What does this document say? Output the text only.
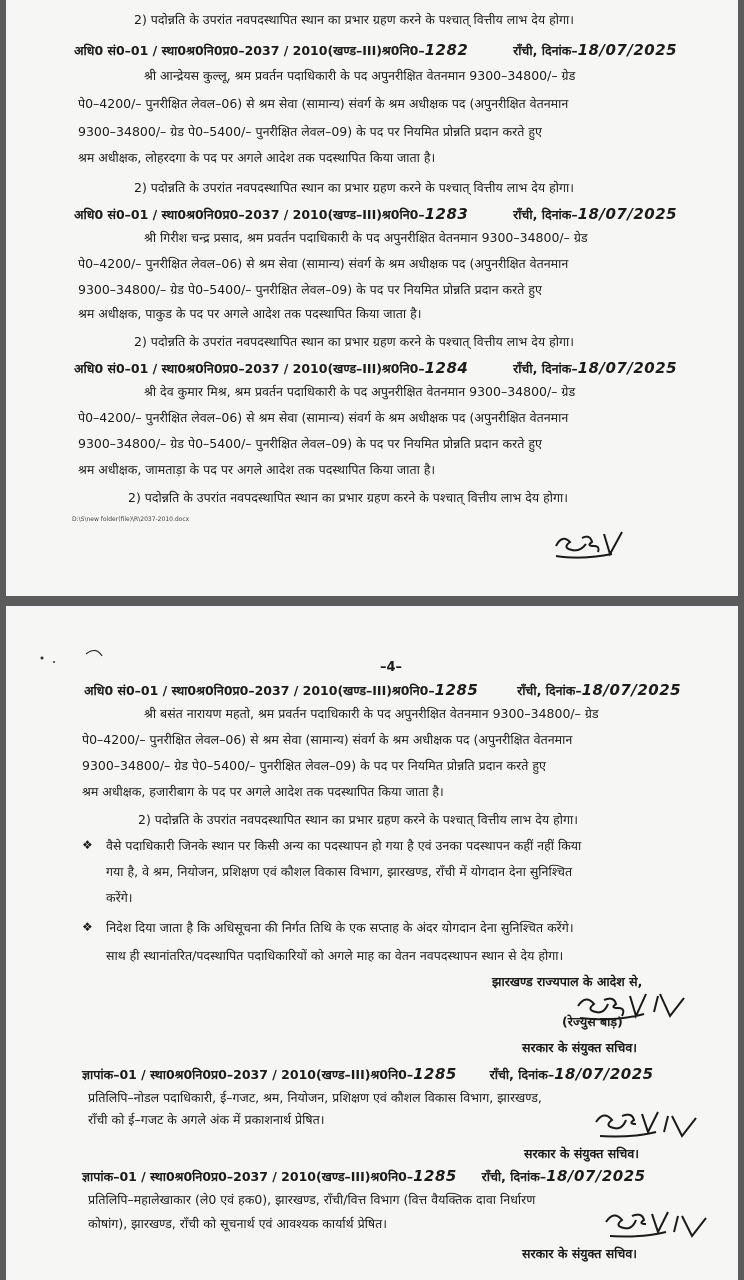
2) पदोन्नति के उपरांत नवपदस्थापित स्थान का प्रभार ग्रहण करने के पश्चात् वित्तीय लाभ देय होगा।
अधि0 सं0–01 / स्था0श्र0नि0प्र0–2037 / 2010(खण्ड–III)श्र0नि0–1282	राँची, दिनांक–18/07/2025
श्री आन्द्रेयस कुल्लू, श्रम प्रवर्तन पदाधिकारी के पद अपुनरीक्षित वेतनमान 9300–34800/– ग्रेड
पे0–4200/– पुनरीक्षित लेवल–06) से श्रम सेवा (सामान्य) संवर्ग के श्रम अधीक्षक पद (अपुनरीक्षित वेतनमान
9300–34800/– ग्रेड पे0–5400/– पुनरीक्षित लेवल–09) के पद पर नियमित प्रोन्नति प्रदान करते हुए
श्रम अधीक्षक, लोहरदगा के पद पर अगले आदेश तक पदस्थापित किया जाता है।
2) पदोन्नति के उपरांत नवपदस्थापित स्थान का प्रभार ग्रहण करने के पश्चात् वित्तीय लाभ देय होगा।
अधि0 सं0–01 / स्था0श्र0नि0प्र0–2037 / 2010(खण्ड–III)श्र0नि0–1283	राँची, दिनांक–18/07/2025
श्री गिरीश चन्द्र प्रसाद, श्रम प्रवर्तन पदाधिकारी के पद अपुनरीक्षित वेतनमान 9300–34800/– ग्रेड
पे0–4200/– पुनरीक्षित लेवल–06) से श्रम सेवा (सामान्य) संवर्ग के श्रम अधीक्षक पद (अपुनरीक्षित वेतनमान
9300–34800/– ग्रेड पे0–5400/– पुनरीक्षित लेवल–09) के पद पर नियमित प्रोन्नति प्रदान करते हुए
श्रम अधीक्षक, पाकुड के पद पर अगले आदेश तक पदस्थापित किया जाता है।
2) पदोन्नति के उपरांत नवपदस्थापित स्थान का प्रभार ग्रहण करने के पश्चात् वित्तीय लाभ देय होगा।
अधि0 सं0–01 / स्था0श्र0नि0प्र0–2037 / 2010(खण्ड–III)श्र0नि0–1284	राँची, दिनांक–18/07/2025
श्री देव कुमार मिश्र, श्रम प्रवर्तन पदाधिकारी के पद अपुनरीक्षित वेतनमान 9300–34800/– ग्रेड
पे0–4200/– पुनरीक्षित लेवल–06) से श्रम सेवा (सामान्य) संवर्ग के श्रम अधीक्षक पद (अपुनरीक्षित वेतनमान
9300–34800/– ग्रेड पे0–5400/– पुनरीक्षित लेवल–09) के पद पर नियमित प्रोन्नति प्रदान करते हुए
श्रम अधीक्षक, जामताड़ा के पद पर अगले आदेश तक पदस्थापित किया जाता है।
2) पदोन्नति के उपरांत नवपदस्थापित स्थान का प्रभार ग्रहण करने के पश्चात् वित्तीय लाभ देय होगा।
D:\S\new folder(file)\R\2037-2010.docx
–4–
अधि0 सं0–01 / स्था0श्र0नि0प्र0–2037 / 2010(खण्ड–III)श्र0नि0–1285	राँची, दिनांक–18/07/2025
श्री बसंत नारायण महतो, श्रम प्रवर्तन पदाधिकारी के पद अपुनरीक्षित वेतनमान 9300–34800/– ग्रेड
पे0–4200/– पुनरीक्षित लेवल–06) से श्रम सेवा (सामान्य) संवर्ग के श्रम अधीक्षक पद (अपुनरीक्षित वेतनमान
9300–34800/– ग्रेड पे0–5400/– पुनरीक्षित लेवल–09) के पद पर नियमित प्रोन्नति प्रदान करते हुए
श्रम अधीक्षक, हजारीबाग के पद पर अगले आदेश तक पदस्थापित किया जाता है।
2) पदोन्नति के उपरांत नवपदस्थापित स्थान का प्रभार ग्रहण करने के पश्चात् वित्तीय लाभ देय होगा।
❖ वैसे पदाधिकारी जिनके स्थान पर किसी अन्य का पदस्थापन हो गया है एवं उनका पदस्थापन कहीं नहीं किया
गया है, वे श्रम, नियोजन, प्रशिक्षण एवं कौशल विकास विभाग, झारखण्ड, राँची में योगदान देना सुनिश्चित
करेंगे।
❖ निदेश दिया जाता है कि अधिसूचना की निर्गत तिथि के एक सप्ताह के अंदर योगदान देना सुनिश्चित करेंगे।
साथ ही स्थानांतरित/पदस्थापित पदाधिकारियों को अगले माह का वेतन नवपदस्थापन स्थान से देय होगा।
झारखण्ड राज्यपाल के आदेश से,
(रेज्युस बाड़)
सरकार के संयुक्त सचिव।
ज्ञापांक–01 / स्था0श्र0नि0प्र0–2037 / 2010(खण्ड–III)श्र0नि0–1285	राँची, दिनांक–18/07/2025
प्रतिलिपि–नोडल पदाधिकारी, ई–गजट, श्रम, नियोजन, प्रशिक्षण एवं कौशल विकास विभाग, झारखण्ड,
राँची को ई–गजट के अगले अंक में प्रकाशनार्थ प्रेषित।
सरकार के संयुक्त सचिव।
ज्ञापांक–01 / स्था0श्र0नि0प्र0–2037 / 2010(खण्ड–III)श्र0नि0–1285 राँची, दिनांक–18/07/2025
प्रतिलिपि–महालेखाकार (ले0 एवं हक0), झारखण्ड, राँची/वित्त विभाग (वित्त वैयक्तिक दावा निर्धारण
कोषांग), झारखण्ड, राँची को सूचनार्थ एवं आवश्यक कार्यार्थ प्रेषित।
सरकार के संयुक्त सचिव।
